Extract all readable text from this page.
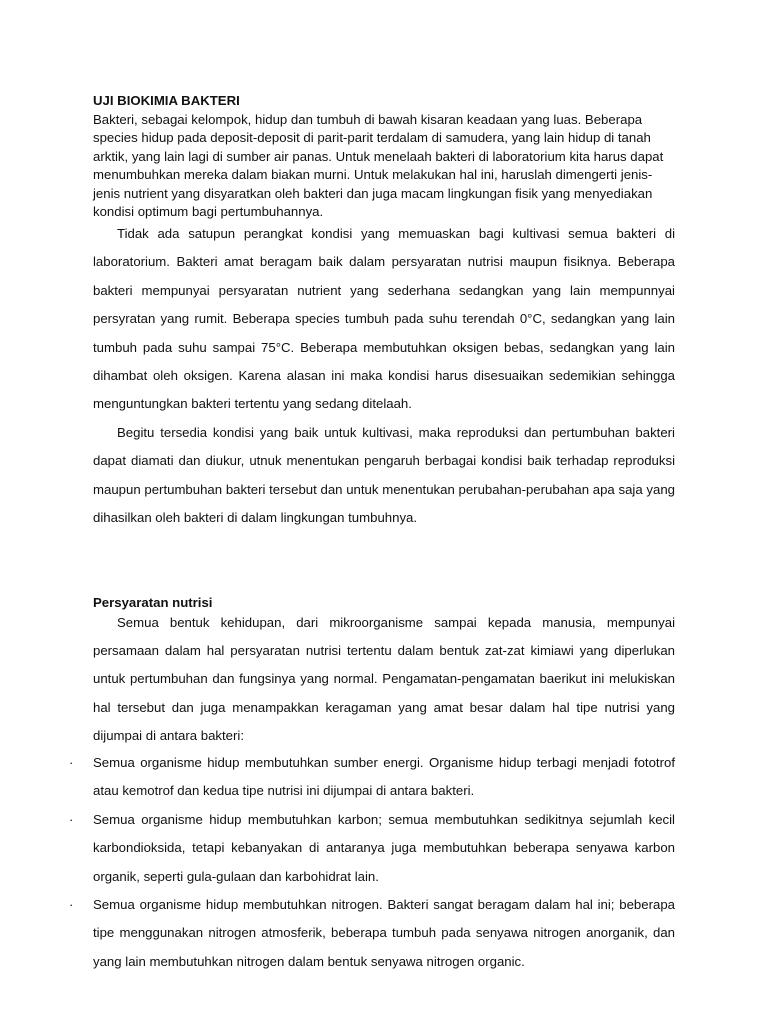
UJI BIOKIMIA BAKTERI

Bakteri, sebagai kelompok, hidup dan tumbuh di bawah kisaran keadaan yang luas. Beberapa species hidup pada deposit-deposit di parit-parit terdalam di samudera, yang lain hidup di tanah arktik, yang lain lagi di sumber air panas. Untuk menelaah bakteri di laboratorium kita harus dapat menumbuhkan mereka dalam biakan murni. Untuk melakukan hal ini, haruslah dimengerti jenis-jenis nutrient yang disyaratkan oleh bakteri dan juga macam lingkungan fisik yang menyediakan kondisi optimum bagi pertumbuhannya.

Tidak ada satupun perangkat kondisi yang memuaskan bagi kultivasi semua bakteri di laboratorium. Bakteri amat beragam baik dalam persyaratan nutrisi maupun fisiknya. Beberapa bakteri mempunyai persyaratan nutrient yang sederhana sedangkan yang lain mempunnyai persyratan yang rumit. Beberapa species tumbuh pada suhu terendah 0°C, sedangkan yang lain tumbuh pada suhu sampai 75°C. Beberapa membutuhkan oksigen bebas, sedangkan yang lain dihambat oleh oksigen. Karena alasan ini maka kondisi harus disesuaikan sedemikian sehingga menguntungkan bakteri tertentu yang sedang ditelaah.

Begitu tersedia kondisi yang baik untuk kultivasi, maka reproduksi dan pertumbuhan bakteri dapat diamati dan diukur, utnuk menentukan pengaruh berbagai kondisi baik terhadap reproduksi maupun pertumbuhan bakteri tersebut dan untuk menentukan perubahan-perubahan apa saja yang dihasilkan oleh bakteri di dalam lingkungan tumbuhnya.

Persyaratan nutrisi

Semua bentuk kehidupan, dari mikroorganisme sampai kepada manusia, mempunyai persamaan dalam hal persyaratan nutrisi tertentu dalam bentuk zat-zat kimiawi yang diperlukan untuk pertumbuhan dan fungsinya yang normal. Pengamatan-pengamatan baerikut ini melukiskan hal tersebut dan juga menampakkan keragaman yang amat besar dalam hal tipe nutrisi yang dijumpai di antara bakteri:

·	Semua organisme hidup membutuhkan sumber energi. Organisme hidup terbagi menjadi fototrof atau kemotrof dan kedua tipe nutrisi ini dijumpai di antara bakteri.
·	Semua organisme hidup membutuhkan karbon; semua membutuhkan sedikitnya sejumlah kecil karbondioksida, tetapi kebanyakan di antaranya juga membutuhkan beberapa senyawa karbon organik, seperti gula-gulaan dan karbohidrat lain.
·	Semua organisme hidup membutuhkan nitrogen. Bakteri sangat beragam dalam hal ini; beberapa tipe menggunakan nitrogen atmosferik, beberapa tumbuh pada senyawa nitrogen anorganik, dan yang lain membutuhkan nitrogen dalam bentuk senyawa nitrogen organic.
